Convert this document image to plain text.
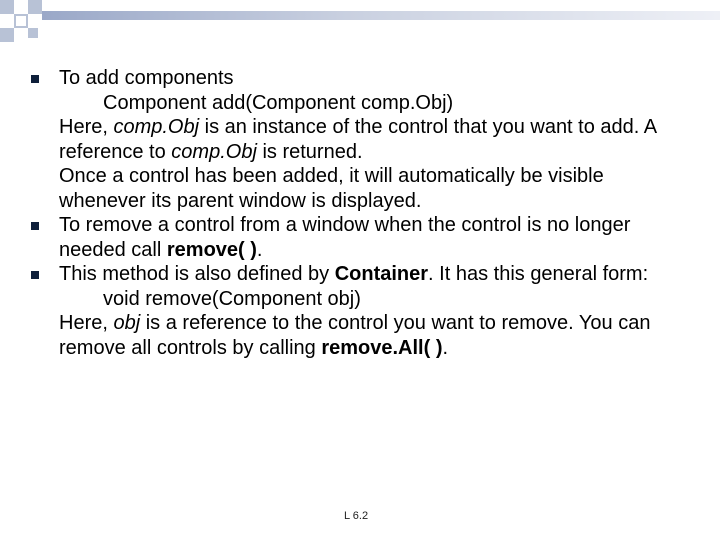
To add components
Component add(Component comp.Obj)
Here, comp.Obj is an instance of the control that you want to add. A reference to comp.Obj is returned.
Once a control has been added, it will automatically be visible whenever its parent window is displayed.
To remove a control from a window when the control is no longer needed call remove( ).
This method is also defined by Container. It has this general form:
void remove(Component obj)
Here, obj is a reference to the control you want to remove. You can remove all controls by calling remove.All( ).
L 6.2
